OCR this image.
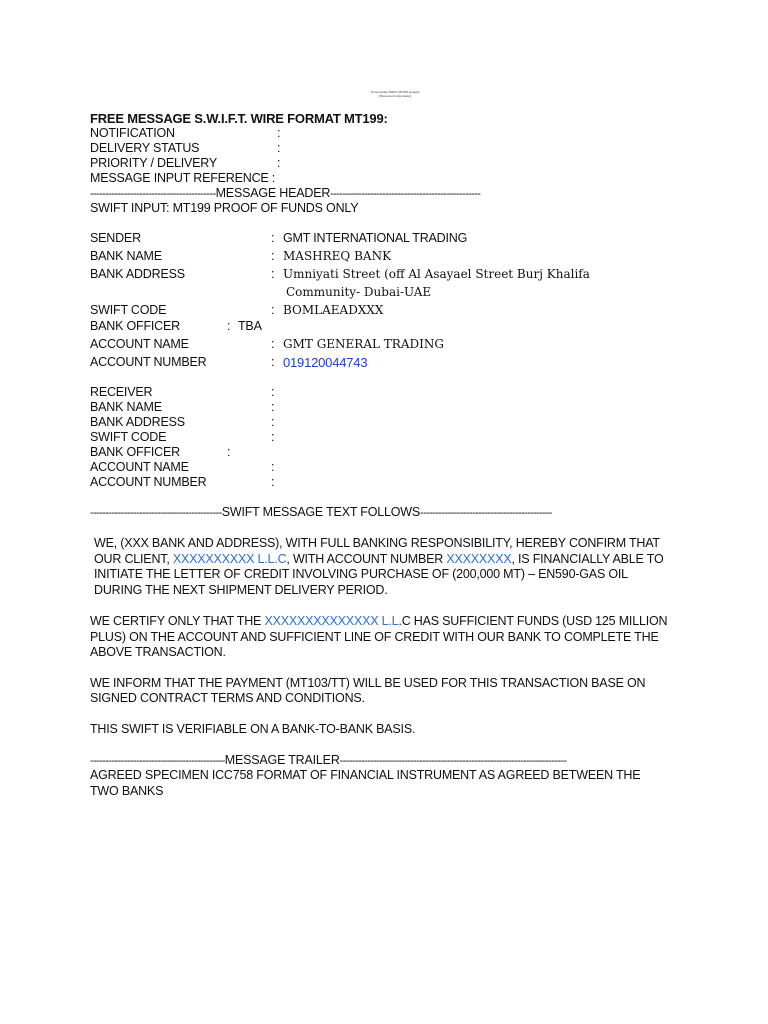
[?commodity SWIFT MT199 sample]
[?document information]
FREE MESSAGE S.W.I.F.T. WIRE FORMAT MT199:
NOTIFICATION	:
DELIVERY STATUS	:
PRIORITY / DELIVERY	:
MESSAGE INPUT REFERENCE :
-----------------------------------------MESSAGE HEADER-------------------------------------------------
SWIFT INPUT: MT199 PROOF OF FUNDS ONLY
SENDER	: GMT INTERNATIONAL TRADING
BANK NAME	: MASHREQ BANK
BANK ADDRESS	: Umniyati Street (off Al Asayael Street Burj Khalifa
Community- Dubai-UAE
SWIFT CODE	: BOMLAEADXXX
BANK OFFICER	: TBA
ACCOUNT NAME	: GMT GENERAL TRADING
ACCOUNT NUMBER	: 019120044743
RECEIVER	:
BANK NAME	:
BANK ADDRESS	:
SWIFT CODE	:
BANK OFFICER	:
ACCOUNT NAME	:
ACCOUNT NUMBER	:
-------------------------------------------SWIFT MESSAGE TEXT FOLLOWS-------------------------------------------

WE, (XXX BANK AND ADDRESS), WITH FULL BANKING RESPONSIBILITY, HEREBY CONFIRM THAT OUR CLIENT, XXXXXXXXXX L.L.C, WITH ACCOUNT NUMBER XXXXXXXX, IS FINANCIALLY ABLE TO INITIATE THE LETTER OF CREDIT INVOLVING PURCHASE OF (200,000 MT) – EN590-GAS OIL DURING THE NEXT SHIPMENT DELIVERY PERIOD.

WE CERTIFY ONLY THAT THE XXXXXXXXXXXXXX L.L.C HAS SUFFICIENT FUNDS (USD 125 MILLION PLUS) ON THE ACCOUNT AND SUFFICIENT LINE OF CREDIT WITH OUR BANK TO COMPLETE THE ABOVE TRANSACTION.

WE INFORM THAT THE PAYMENT (MT103/TT) WILL BE USED FOR THIS TRANSACTION BASE ON SIGNED CONTRACT TERMS AND CONDITIONS.

THIS SWIFT IS VERIFIABLE ON A BANK-TO-BANK BASIS.

--------------------------------------------MESSAGE TRAILER--------------------------------------------------------------------------

AGREED SPECIMEN ICC758 FORMAT OF FINANCIAL INSTRUMENT AS AGREED BETWEEN THE TWO BANKS
